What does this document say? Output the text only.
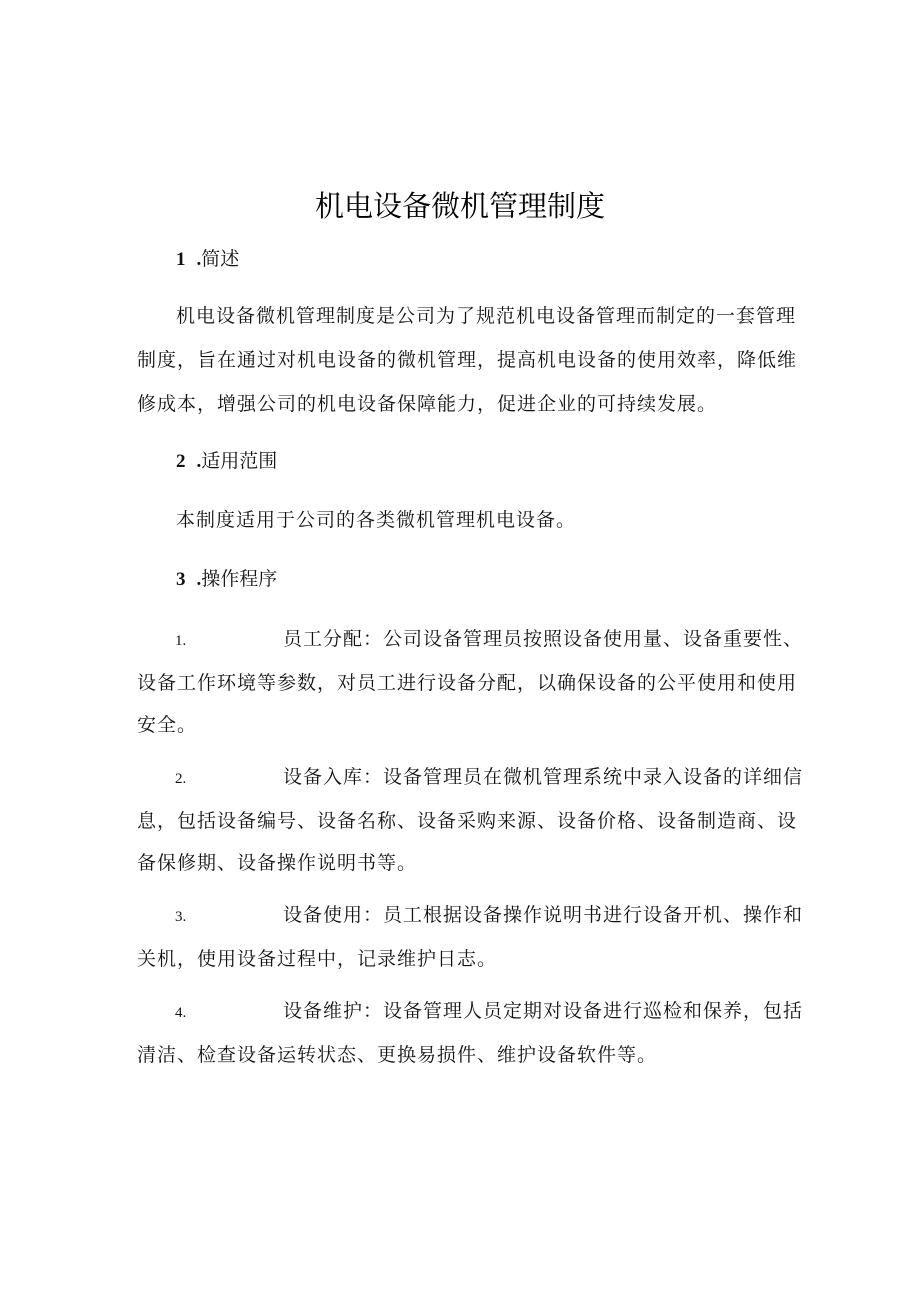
机电设备微机管理制度
1 .简述

机电设备微机管理制度是公司为了规范机电设备管理而制定的一套管理制度，旨在通过对机电设备的微机管理，提高机电设备的使用效率，降低维修成本，增强公司的机电设备保障能力，促进企业的可持续发展。

2 .适用范围

本制度适用于公司的各类微机管理机电设备。

3 .操作程序

1.	员工分配：公司设备管理员按照设备使用量、设备重要性、设备工作环境等参数，对员工进行设备分配，以确保设备的公平使用和使用安全。

2.	设备入库：设备管理员在微机管理系统中录入设备的详细信息，包括设备编号、设备名称、设备采购来源、设备价格、设备制造商、设备保修期、设备操作说明书等。

3.	设备使用：员工根据设备操作说明书进行设备开机、操作和关机，使用设备过程中，记录维护日志。

4.	设备维护：设备管理人员定期对设备进行巡检和保养，包括清洁、检查设备运转状态、更换易损件、维护设备软件等。
